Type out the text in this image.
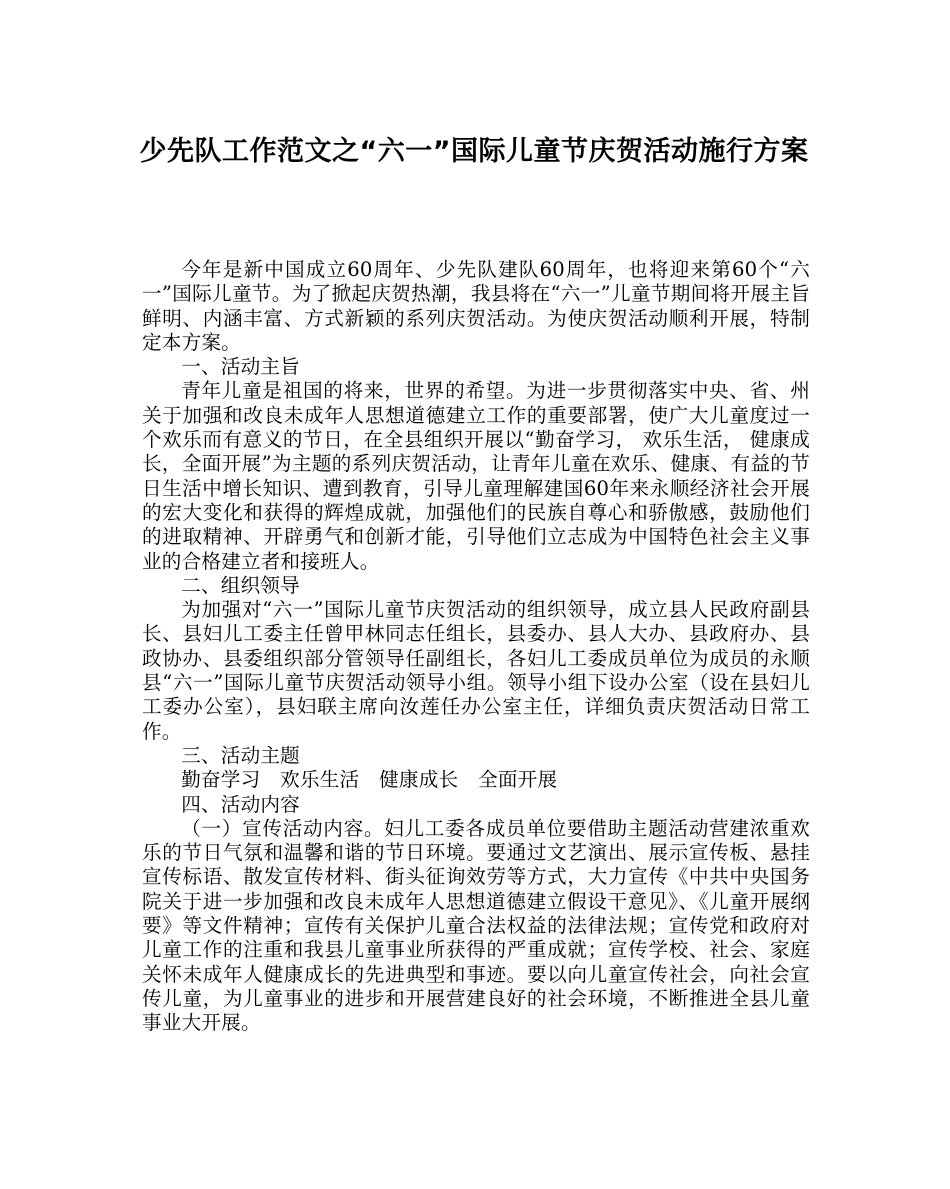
少先队工作范文之“六一”国际儿童节庆贺活动施行方案

今年是新中国成立60周年、少先队建队60周年，也将迎来第60个“六一”国际儿童节。为了掀起庆贺热潮，我县将在“六一”儿童节期间将开展主旨鲜明、内涵丰富、方式新颖的系列庆贺活动。为使庆贺活动顺利开展，特制定本方案。

一、活动主旨

青年儿童是祖国的将来，世界的希望。为进一步贯彻落实中央、省、州关于加强和改良未成年人思想道德建立工作的重要部署，使广大儿童度过一个欢乐而有意义的节日，在全县组织开展以“勤奋学习， 欢乐生活， 健康成长，全面开展”为主题的系列庆贺活动，让青年儿童在欢乐、健康、有益的节日生活中增长知识、遭到教育，引导儿童理解建国60年来永顺经济社会开展的宏大变化和获得的辉煌成就，加强他们的民族自尊心和骄傲感，鼓励他们的进取精神、开辟勇气和创新才能，引导他们立志成为中国特色社会主义事业的合格建立者和接班人。

二、组织领导

为加强对“六一”国际儿童节庆贺活动的组织领导，成立县人民政府副县长、县妇儿工委主任曾甲林同志任组长，县委办、县人大办、县政府办、县政协办、县委组织部分管领导任副组长，各妇儿工委成员单位为成员的永顺县“六一”国际儿童节庆贺活动领导小组。领导小组下设办公室（设在县妇儿工委办公室），县妇联主席向汝莲任办公室主任，详细负责庆贺活动日常工作。

三、活动主题

勤奋学习　欢乐生活　健康成长　全面开展

四、活动内容

（一）宣传活动内容。妇儿工委各成员单位要借助主题活动营建浓重欢乐的节日气氛和温馨和谐的节日环境。要通过文艺演出、展示宣传板、悬挂宣传标语、散发宣传材料、街头征询效劳等方式，大力宣传《中共中央国务院关于进一步加强和改良未成年人思想道德建立假设干意见》、《儿童开展纲要》等文件精神；宣传有关保护儿童合法权益的法律法规；宣传党和政府对儿童工作的注重和我县儿童事业所获得的严重成就；宣传学校、社会、家庭关怀未成年人健康成长的先进典型和事迹。要以向儿童宣传社会，向社会宣传儿童，为儿童事业的进步和开展营建良好的社会环境，不断推进全县儿童事业大开展。
